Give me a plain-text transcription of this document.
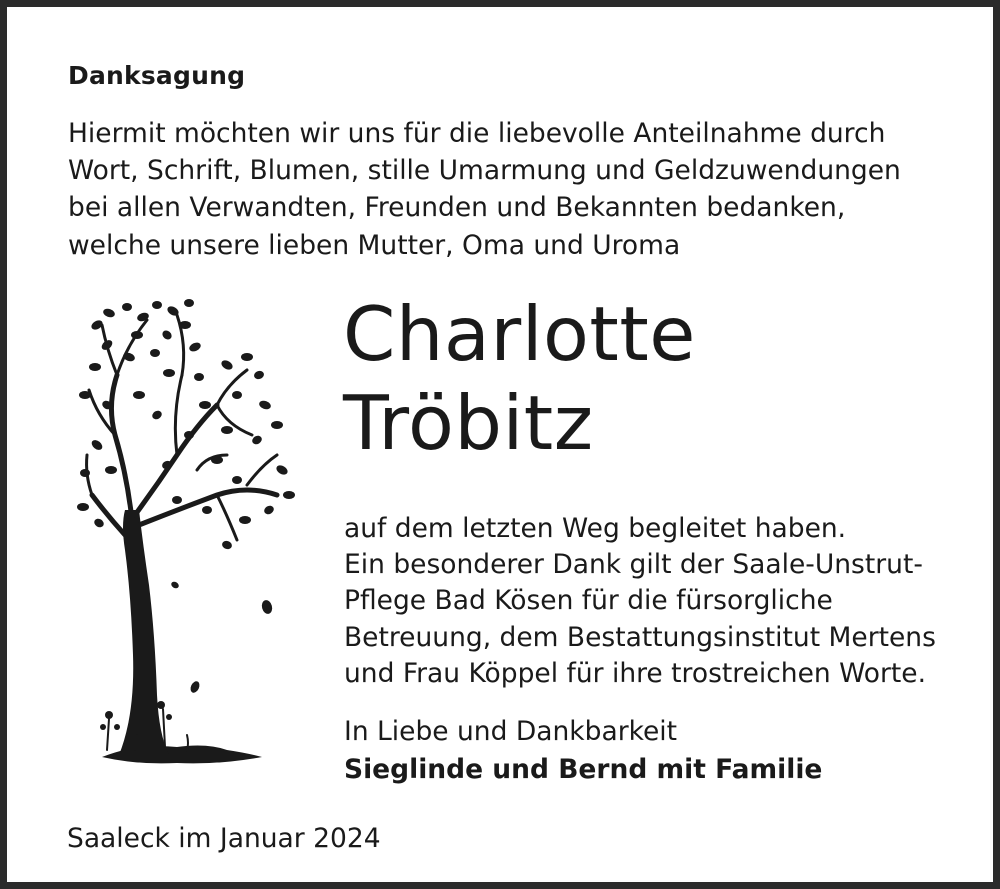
Danksagung
Hiermit möchten wir uns für die liebevolle Anteilnahme durch
Wort, Schrift, Blumen, stille Umarmung und Geldzuwendungen
bei allen Verwandten, Freunden und Bekannten bedanken,
welche unsere lieben Mutter, Oma und Uroma
Charlotte
Tröbitz
auf dem letzten Weg begleitet haben.
Ein besonderer Dank gilt der Saale-Unstrut-
Pflege Bad Kösen für die fürsorgliche
Betreuung, dem Bestattungsinstitut Mertens
und Frau Köppel für ihre trostreichen Worte.
In Liebe und Dankbarkeit
Sieglinde und Bernd mit Familie
Saaleck im Januar 2024
